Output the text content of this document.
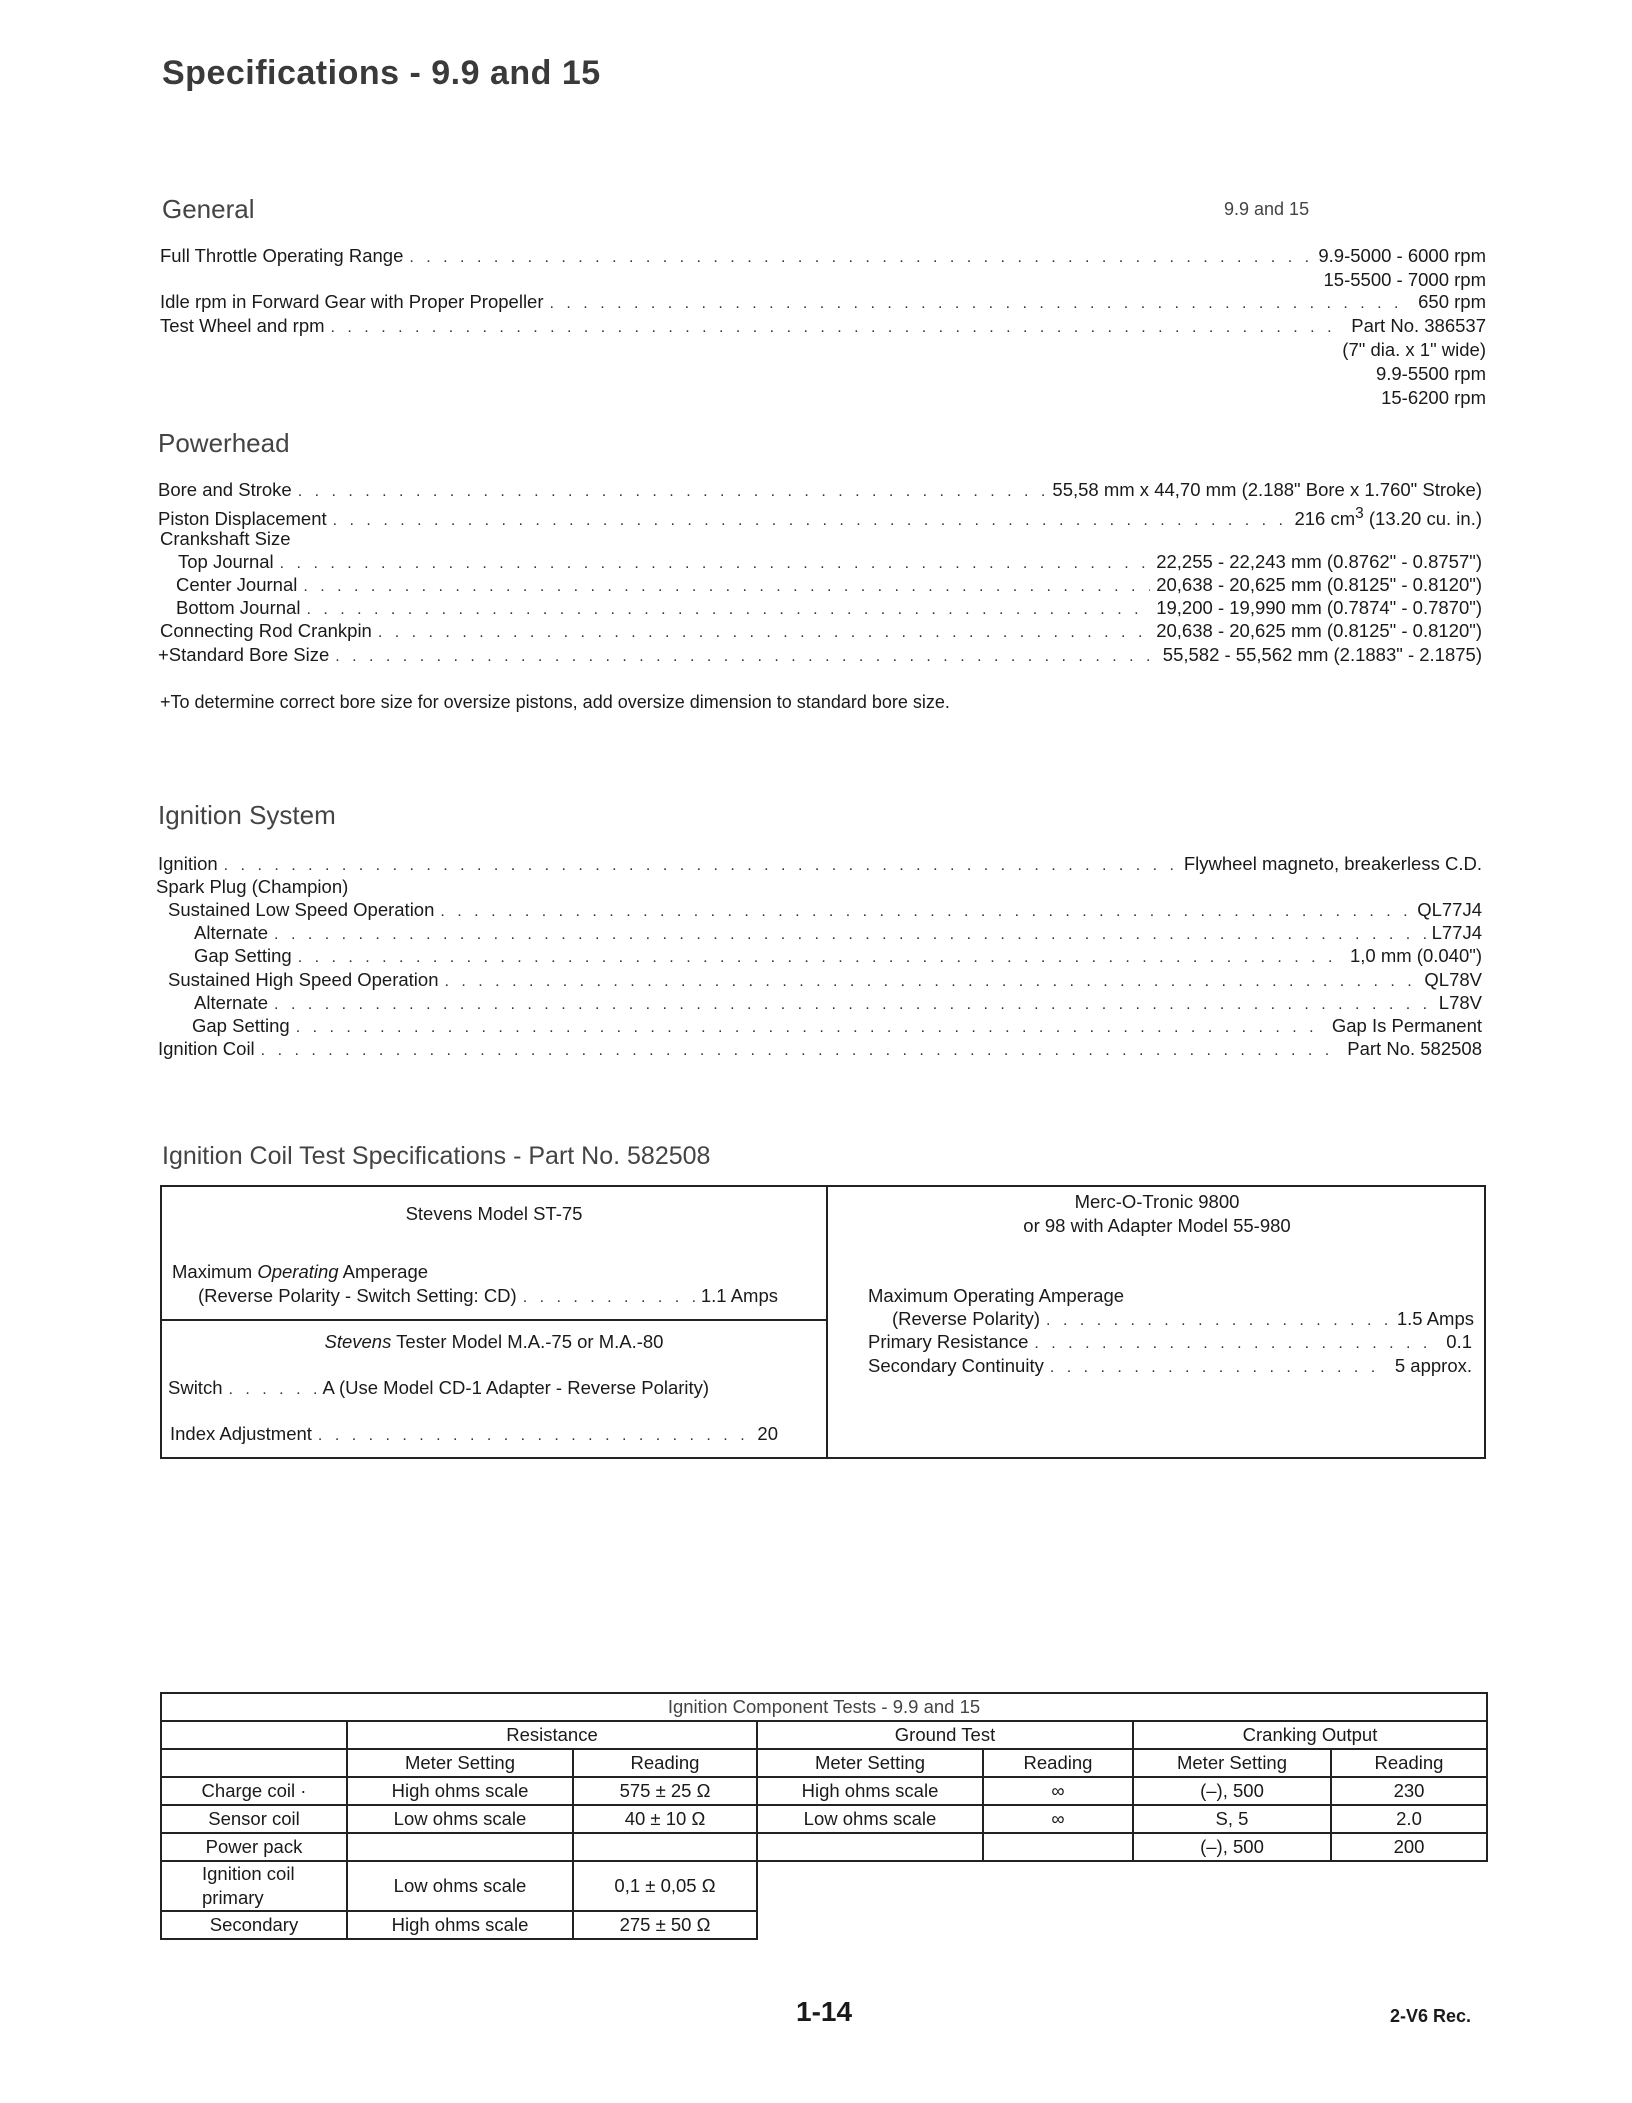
Specifications - 9.9 and 15
General	9.9 and 15
Full Throttle Operating Range . . .	9.9-5000 - 6000 rpm
15-5500 - 7000 rpm
Idle rpm in Forward Gear with Proper Propeller . . .	650 rpm
Test Wheel and rpm . . .	Part No. 386537
(7" dia. x 1" wide)
9.9-5500 rpm
15-6200 rpm
Powerhead
Bore and Stroke . . .	55,58 mm x 44,70 mm (2.188" Bore x 1.760" Stroke)
Piston Displacement . . .	216 $cm^3$ (13.20 cu. in.)
Crankshaft Size
Top Journal . . .	22,255 - 22,243 mm (0.8762" - 0.8757")
Center Journal . . .	20,638 - 20,625 mm (0.8125" - 0.8120")
Bottom Journal . . .	19,200 - 19,990 mm (0.7874" - 0.7870")
Connecting Rod Crankpin . . .	20,638 - 20,625 mm (0.8125" - 0.8120")
+Standard Bore Size . . .	55,582 - 55,562 mm (2.1883" - 2.1875)
+To determine correct bore size for oversize pistons, add oversize dimension to standard bore size.
Ignition System
Ignition . . .	Flywheel magneto, breakerless C.D.
Spark Plug (Champion)
Sustained Low Speed Operation . . .	QL77J4
Alternate . . .	L77J4
Gap Setting . . .	1,0 mm (0.040")
Sustained High Speed Operation . . .	QL78V
Alternate . . .	L78V
Gap Setting . . .	Gap Is Permanent
Ignition Coil . . .	Part No. 582508
Ignition Coil Test Specifications - Part No. 582508
Stevens Model ST-75
Maximum Operating Amperage
(Reverse Polarity - Switch Setting: CD) . . .	1.1 Amps
Stevens Tester Model M.A.-75 or M.A.-80
Switch . . .	A (Use Model CD-1 Adapter - Reverse Polarity)
Index Adjustment . . .	20
Merc-O-Tronic 9800
or 98 with Adapter Model 55-980
Maximum Operating Amperage
(Reverse Polarity) . . .	1.5 Amps
Primary Resistance . . .	0.1
Secondary Continuity . . .	5 approx.
Ignition Component Tests - 9.9 and 15						
	Resistance		Ground Test		Cranking Output	
	Meter Setting	Reading	Meter Setting	Reading	Meter Setting	Reading
Charge coil ·	High ohms scale	575 ± 25 Ω	High ohms scale	∞	(–), 500	230
Sensor coil	Low ohms scale	40 ± 10 Ω	Low ohms scale	∞	S, 5	2.0
Power pack					(–), 500	200
Ignition coil primary	Low ohms scale	0,1 ± 0,05 Ω				
Secondary	High ohms scale	275 ± 50 Ω				
1-14	2-V6 Rec.
